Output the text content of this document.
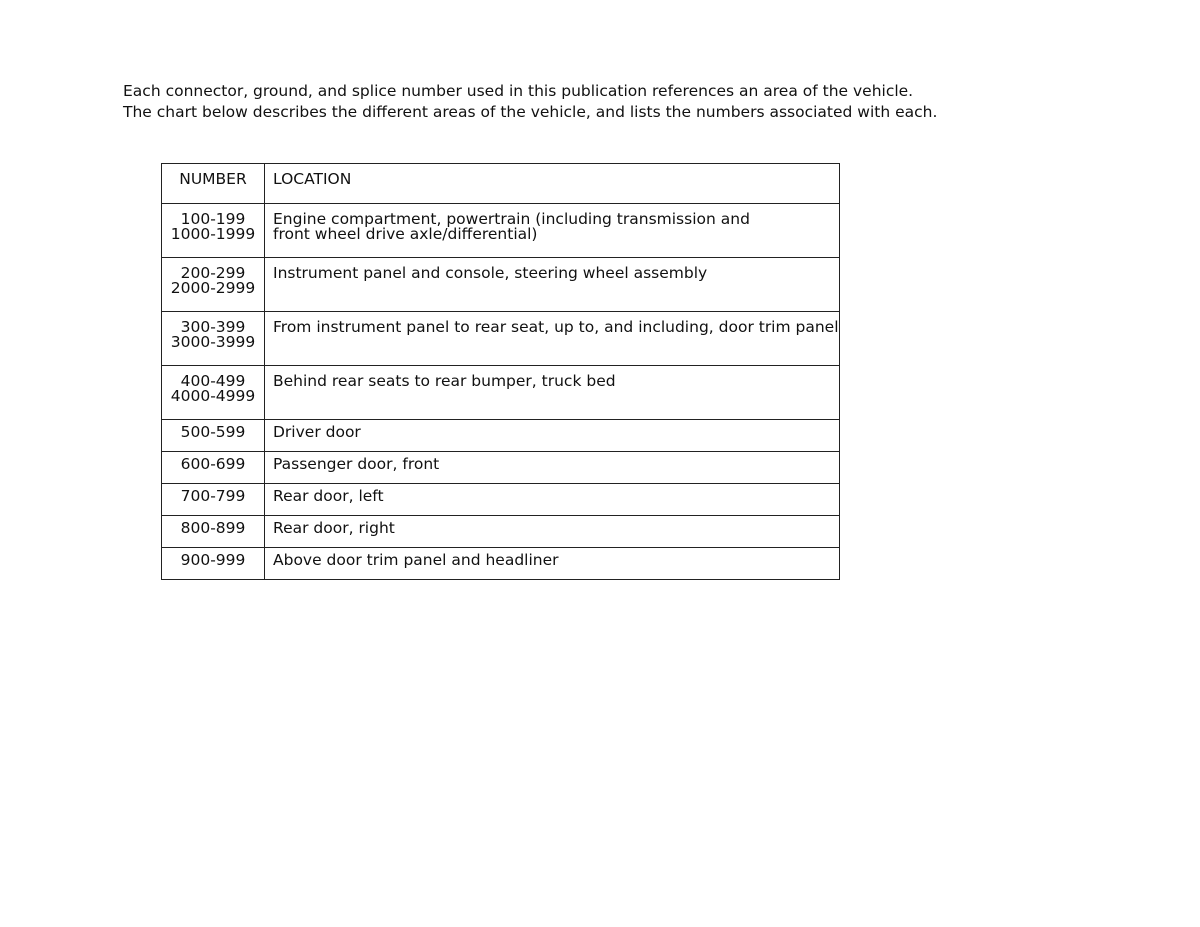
Each connector, ground, and splice number used in this publication references an area of the vehicle.
The chart below describes the different areas of the vehicle, and lists the numbers associated with each.
NUMBER	LOCATION

100-199
1000-1999	Engine compartment, powertrain (including transmission and
front wheel drive axle/differential)

200-299
2000-2999	Instrument panel and console, steering wheel assembly

300-399
3000-3999	From instrument panel to rear seat, up to, and including, door trim panel

400-499
4000-4999	Behind rear seats to rear bumper, truck bed

500-599	Driver door
600-699	Passenger door, front
700-799	Rear door, left
800-899	Rear door, right
900-999	Above door trim panel and headliner
